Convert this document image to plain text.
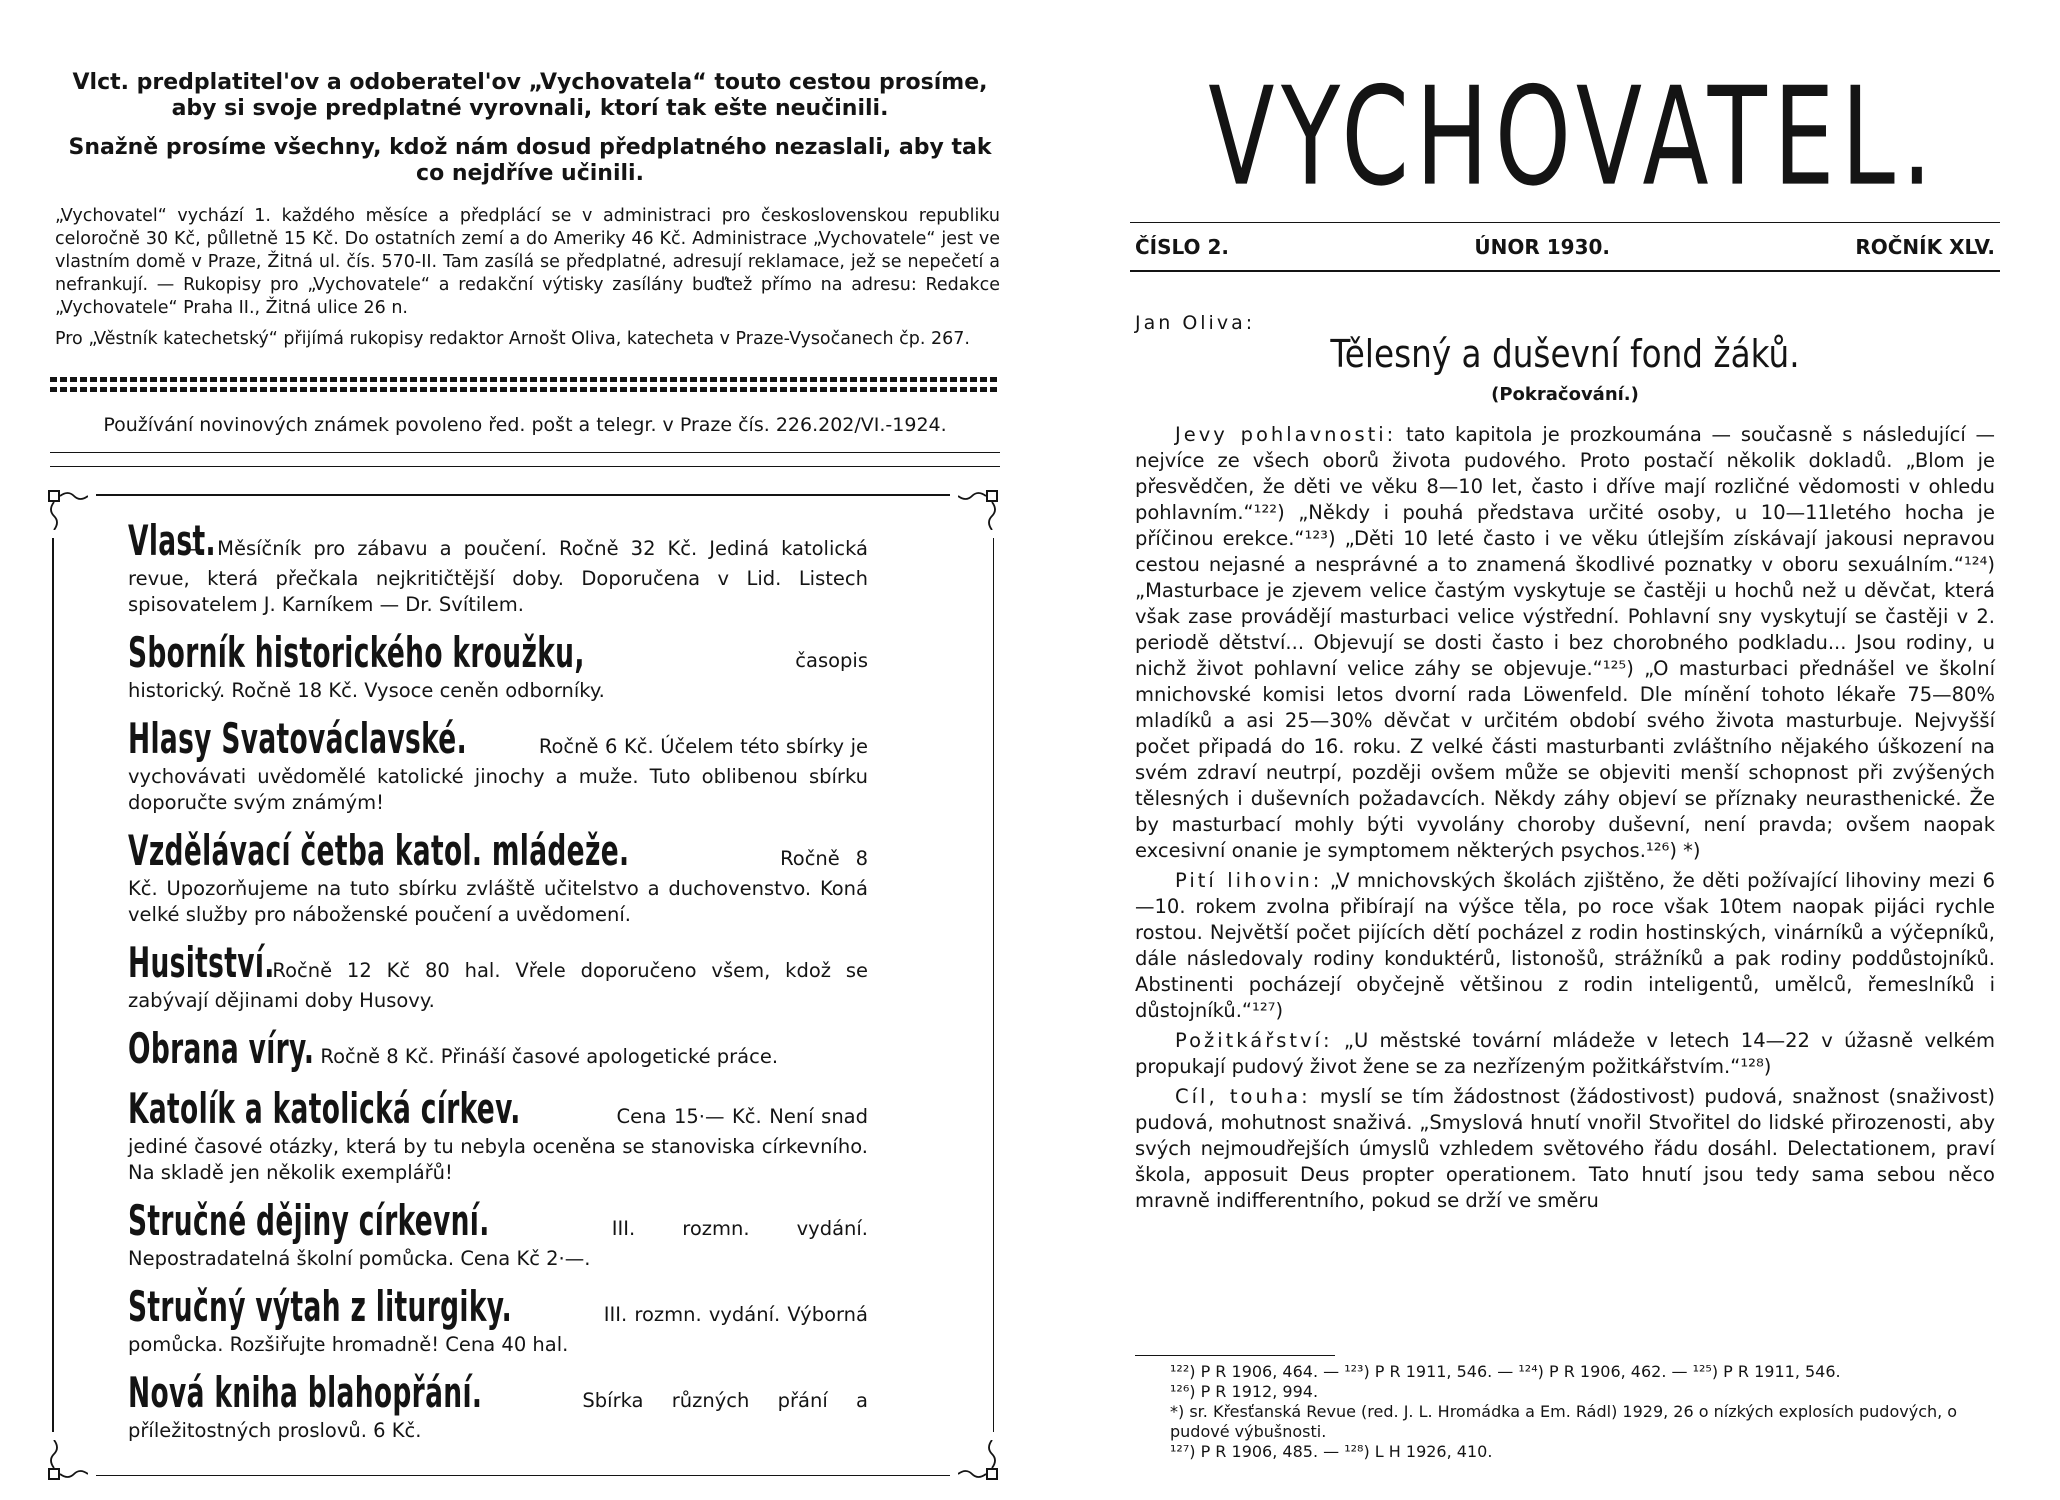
Vlct. predplatitel'ov a odoberatel'ov „Vychovatela“ touto cestou prosíme, aby si svoje predplatné vyrovnali, ktorí tak ešte neučinili.
Snažně prosíme všechny, kdož nám dosud předplatného nezaslali, aby tak co nejdříve učinili.

„Vychovatel“ vychází 1. každého měsíce a předplácí se v administraci pro československou republiku celoročně 30 Kč, půlletně 15 Kč. Do ostatních zemí a do Ameriky 46 Kč. Administrace „Vychovatele“ jest ve vlastním domě v Praze, Žitná ul. čís. 570-II. Tam zasílá se předplatné, adresují reklamace, jež se nepečetí a nefrankují. — Rukopisy pro „Vychovatele“ a redakční výtisky zasílány buďtež přímo na adresu: Redakce „Vychovatele“ Praha II., Žitná ulice 26 n.

Pro „Věstník katechetský“ přijímá rukopisy redaktor Arnošt Oliva, katecheta v Praze-Vysočanech čp. 267.

Používání novinových známek povoleno řed. pošt a telegr. v Praze čís. 226.202/VI.-1924.
Vlast. — Měsíčník pro zábavu a poučení. Ročně 32 Kč. Jediná katolická revue, která přečkala nejkritičtější doby. Doporučena v Lid. Listech spisovatelem J. Karníkem — Dr. Svítilem.
Sborník historického kroužku,	časopis historický. Ročně 18 Kč. Vysoce ceněn odborníky.
Hlasy Svatováclavské.	Ročně 6 Kč. Účelem této sbírky je vychovávati uvědomělé katolické jinochy a muže. Tuto oblibenou sbírku doporučte svým známým!
Vzdělávací četba katol. mládeže.	Ročně 8 Kč. Upozorňujeme na tuto sbírku zvláště učitelstvo a duchovenstvo. Koná velké služby pro náboženské poučení a uvědomení.
Husitství. Ročně 12 Kč 80 hal. Vřele doporučeno všem, kdož se zabývají dějinami doby Husovy.
Obrana víry. Ročně 8 Kč. Přináší časové apologetické práce.
Katolík a katolická církev.	Cena 15·— Kč. Není snad jediné časové otázky, která by tu nebyla oceněna se stanoviska církevního. Na skladě jen několik exemplářů!
Stručné dějiny církevní.	III. rozmn. vydání. Nepostradatelná školní pomůcka. Cena Kč 2·—.
Stručný výtah z liturgiky.	III. rozmn. vydání. Výborná pomůcka. Rozšiřujte hromadně! Cena 40 hal.
Nová kniha blahopřání.	Sbírka různých přání a příležitostných proslovů. 6 Kč.
VYCHOVATEL.
ČÍSLO 2.	ÚNOR 1930.	ROČNÍK XLV.
Jan Oliva:
Tělesný a duševní fond žáků.
(Pokračování.)

Jevy pohlavnosti: tato kapitola je prozkoumána — současně s následující — nejvíce ze všech oborů života pudového. Proto postačí několik dokladů. „Blom je přesvědčen, že děti ve věku 8—10 let, často i dříve mají rozličné vědomosti v ohledu pohlavním.“¹²²) „Někdy i pouhá představa určité osoby, u 10—11letého hocha je příčinou erekce.“¹²³) „Děti 10 leté často i ve věku útlejším získávají jakousi nepravou cestou nejasné a nesprávné a to znamená škodlivé poznatky v oboru sexuálním.“¹²⁴) „Masturbace je zjevem velice častým vyskytuje se častěji u hochů než u děvčat, která však zase provádějí masturbaci velice výstřední. Pohlavní sny vyskytují se častěji v 2. periodě dětství... Objevují se dosti často i bez chorobného podkladu... Jsou rodiny, u nichž život pohlavní velice záhy se objevuje.“¹²⁵) „O masturbaci přednášel ve školní mnichovské komisi letos dvorní rada Löwenfeld. Dle mínění tohoto lékaře 75—80% mladíků a asi 25—30% děvčat v určitém období svého života masturbuje. Nejvyšší počet připadá do 16. roku. Z velké části masturbanti zvláštního nějakého úškození na svém zdraví neutrpí, později ovšem může se objeviti menší schopnost při zvýšených tělesných i duševních požadavcích. Někdy záhy objeví se příznaky neurasthenické. Že by masturbací mohly býti vyvolány choroby duševní, není pravda; ovšem naopak excesivní onanie je symptomem některých psychos.¹²⁶) *)

Pití lihovin: „V mnichovských školách zjištěno, že děti požívající lihoviny mezi 6—10. rokem zvolna přibírají na výšce těla, po roce však 10tem naopak pijáci rychle rostou. Největší počet pijících dětí pocházel z rodin hostinských, vinárníků a výčepníků, dále následovaly rodiny konduktérů, listonošů, strážníků a pak rodiny poddůstojníků. Abstinenti pocházejí obyčejně většinou z rodin inteligentů, umělců, řemeslníků i důstojníků.“¹²⁷)

Požitkářství: „U městské tovární mládeže v letech 14—22 v úžasně velkém propukají pudový život žene se za nezřízeným požitkářstvím.“¹²⁸)

Cíl, touha: myslí se tím žádostnost (žádostivost) pudová, snažnost (snaživost) pudová, mohutnost snaživá. „Smyslová hnutí vnořil Stvořitel do lidské přirozenosti, aby svých nejmoudřejších úmyslů vzhledem světového řádu dosáhl. Delectationem, praví škola, apposuit Deus propter operationem. Tato hnutí jsou tedy sama sebou něco mravně indifferentního, pokud se drží ve směru

¹²²) P R 1906, 464. — ¹²³) P R 1911, 546. — ¹²⁴) P R 1906, 462. — ¹²⁵) P R 1911, 546.

¹²⁶) P R 1912, 994.

*) sr. Křesťanská Revue (red. J. L. Hromádka a Em. Rádl) 1929, 26 o nízkých explosích pudových, o pudové výbušnosti.

¹²⁷) P R 1906, 485. — ¹²⁸) L H 1926, 410.
